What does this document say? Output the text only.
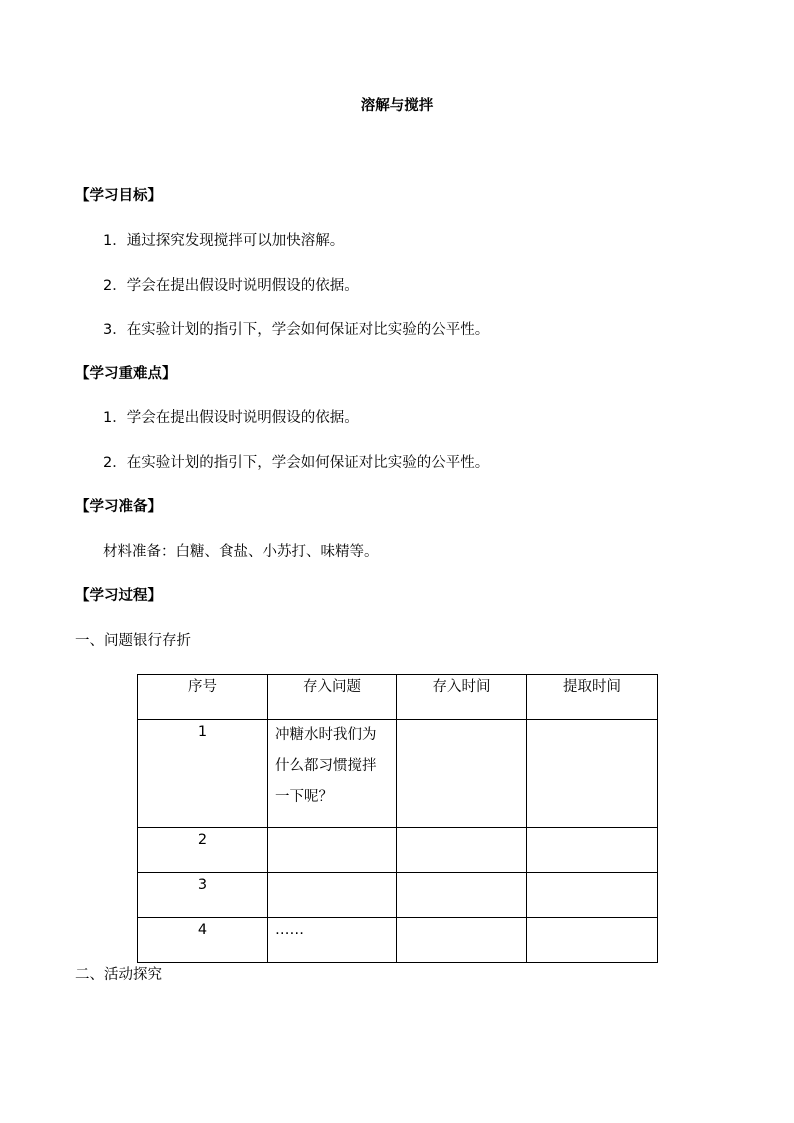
溶解与搅拌
【学习目标】
1．通过探究发现搅拌可以加快溶解。
2．学会在提出假设时说明假设的依据。
3．在实验计划的指引下，学会如何保证对比实验的公平性。
【学习重难点】
1．学会在提出假设时说明假设的依据。
2．在实验计划的指引下，学会如何保证对比实验的公平性。
【学习准备】
材料准备：白糖、食盐、小苏打、味精等。
【学习过程】
一、问题银行存折
序号	存入问题	存入时间	提取时间
1	冲糖水时我们为什么都习惯搅拌一下呢？		
2			
3			
4	……		
二、活动探究
